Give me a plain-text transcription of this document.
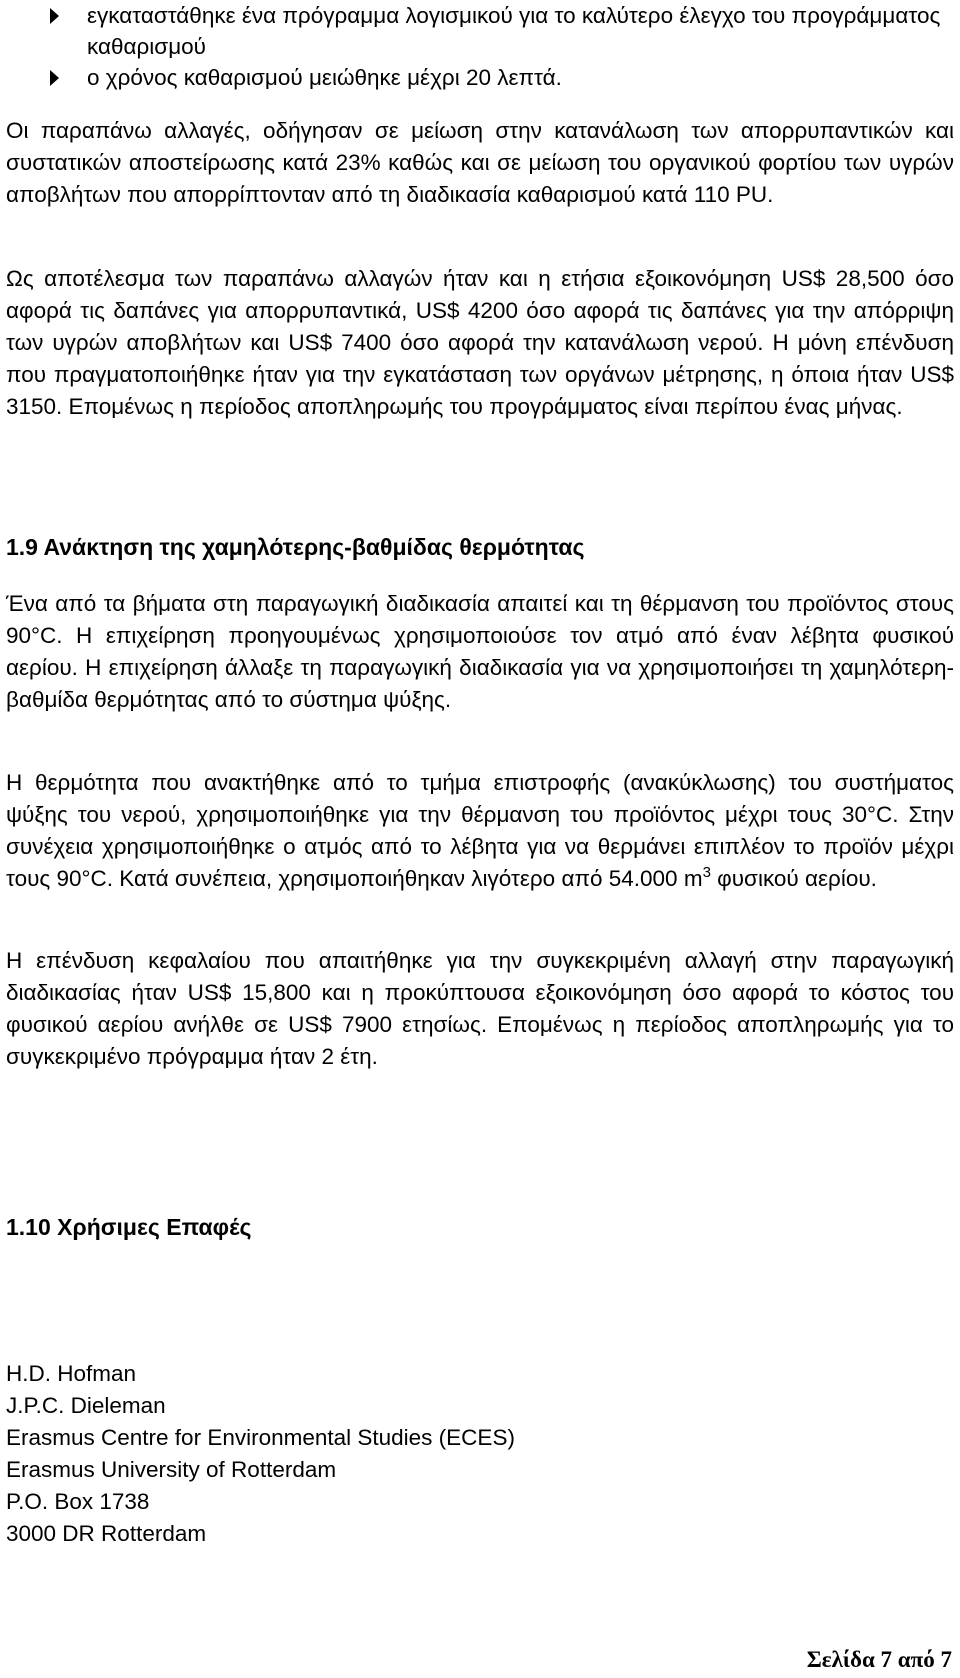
εγκαταστάθηκε ένα πρόγραμμα λογισμικού για το καλύτερο έλεγχο του προγράμματος καθαρισμού
ο χρόνος καθαρισμού μειώθηκε μέχρι 20 λεπτά.

Οι παραπάνω αλλαγές, οδήγησαν σε μείωση στην κατανάλωση των απορρυπαντικών και συστατικών αποστείρωσης κατά 23% καθώς και σε μείωση του οργανικού φορτίου των υγρών αποβλήτων που απορρίπτονταν από τη διαδικασία καθαρισμού κατά 110 PU.

Ως αποτέλεσμα των παραπάνω αλλαγών ήταν και η ετήσια εξοικονόμηση US$ 28,500 όσο αφορά τις δαπάνες για απορρυπαντικά, US$ 4200 όσο αφορά τις δαπάνες για την απόρριψη των υγρών αποβλήτων και US$ 7400 όσο αφορά την κατανάλωση νερού. Η μόνη επένδυση που πραγματοποιήθηκε ήταν για την εγκατάσταση των οργάνων μέτρησης, η όποια ήταν US$ 3150. Επομένως η περίοδος αποπληρωμής του προγράμματος είναι περίπου ένας μήνας.

1.9 Ανάκτηση της χαμηλότερης-βαθμίδας θερμότητας

Ένα από τα βήματα στη παραγωγική διαδικασία απαιτεί και τη θέρμανση του προϊόντος στους 90°C. Η επιχείρηση προηγουμένως χρησιμοποιούσε τον ατμό από έναν λέβητα φυσικού αερίου. Η επιχείρηση άλλαξε τη παραγωγική διαδικασία για να χρησιμοποιήσει τη χαμηλότερη-βαθμίδα θερμότητας από το σύστημα ψύξης.

Η θερμότητα που ανακτήθηκε από το τμήμα επιστροφής (ανακύκλωσης) του συστήματος ψύξης του νερού, χρησιμοποιήθηκε για την θέρμανση του προϊόντος μέχρι τους 30°C. Στην συνέχεια χρησιμοποιήθηκε ο ατμός από το λέβητα για να θερμάνει επιπλέον το προϊόν μέχρι τους 90°C. Κατά συνέπεια, χρησιμοποιήθηκαν λιγότερο από 54.000 $m^3$ φυσικού αερίου.

Η επένδυση κεφαλαίου που απαιτήθηκε για την συγκεκριμένη αλλαγή στην παραγωγική διαδικασίας ήταν US$ 15,800 και η προκύπτουσα εξοικονόμηση όσο αφορά το κόστος του φυσικού αερίου ανήλθε σε US$ 7900 ετησίως. Επομένως η περίοδος αποπληρωμής για το συγκεκριμένο πρόγραμμα ήταν 2 έτη.

1.10 Χρήσιμες Επαφές
H.D. Hofman
J.P.C. Dieleman
Erasmus Centre for Environmental Studies (ECES)
Erasmus University of Rotterdam
P.O. Box 1738
3000 DR Rotterdam
Σελίδα 7 από 7
